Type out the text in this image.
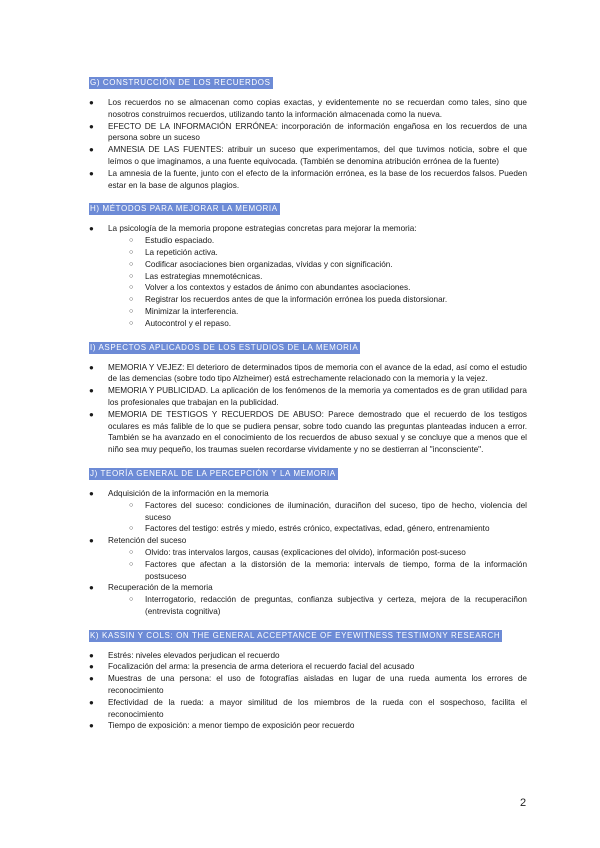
G) CONSTRUCCIÓN DE LOS RECUERDOS
● Los recuerdos no se almacenan como copias exactas, y evidentemente no se recuerdan como tales, sino que nosotros construimos recuerdos, utilizando tanto la información almacenada como la nueva.
● EFECTO DE LA INFORMACIÓN ERRÓNEA: incorporación de información engañosa en los recuerdos de una persona sobre un suceso
● AMNESIA DE LAS FUENTES: atribuir un suceso que experimentamos, del que tuvimos noticia, sobre el que leímos o que imaginamos, a una fuente equivocada. (También se denomina atribución errónea de la fuente)
● La amnesia de la fuente, junto con el efecto de la información errónea, es la base de los recuerdos falsos. Pueden estar en la base de algunos plagios.
H) MÉTODOS PARA MEJORAR LA MEMORIA
● La psicología de la memoria propone estrategias concretas para mejorar la memoria:
○ Estudio espaciado.
○ La repetición activa.
○ Codificar asociaciones bien organizadas, vívidas y con significación.
○ Las estrategias mnemotécnicas.
○ Volver a los contextos y estados de ánimo con abundantes asociaciones.
○ Registrar los recuerdos antes de que la información errónea los pueda distorsionar.
○ Minimizar la interferencia.
○ Autocontrol y el repaso.
I) ASPECTOS APLICADOS DE LOS ESTUDIOS DE LA MEMORIA
● MEMORIA Y VEJEZ: El deterioro de determinados tipos de memoria con el avance de la edad, así como el estudio de las demencias (sobre todo tipo Alzheimer) está estrechamente relacionado con la memoria y la vejez.
● MEMORIA Y PUBLICIDAD. La aplicación de los fenómenos de la memoria ya comentados es de gran utilidad para los profesionales que trabajan en la publicidad.
● MEMORIA DE TESTIGOS Y RECUERDOS DE ABUSO: Parece demostrado que el recuerdo de los testigos oculares es más falible de lo que se pudiera pensar, sobre todo cuando las preguntas planteadas inducen a error. También se ha avanzado en el conocimiento de los recuerdos de abuso sexual y se concluye que a menos que el niño sea muy pequeño, los traumas suelen recordarse vividamente y no se destierran al "inconsciente".
J) TEORÍA GENERAL DE LA PERCEPCIÓN Y LA MEMORIA
● Adquisición de la información en la memoria
○ Factores del suceso: condiciones de iluminación, duraciñon del suceso, tipo de hecho, violencia del suceso
○ Factores del testigo: estrés y miedo, estrés crónico, expectativas, edad, género, entrenamiento
● Retención del suceso
○ Olvido: tras intervalos largos, causas (explicaciones del olvido), información post-suceso
○ Factores que afectan a la distorsión de la memoria: intervals de tiempo, forma de la información postsuceso
● Recuperación de la memoria
○ Interrogatorio, redacción de preguntas, confianza subjectiva y certeza, mejora de la recuperaciñon (entrevista cognitiva)
K) KASSIN Y COLS: ON THE GENERAL ACCEPTANCE OF EYEWITNESS TESTIMONY RESEARCH
● Estrés: niveles elevados perjudican el recuerdo
● Focalización del arma: la presencia de arma deteriora el recuerdo facial del acusado
● Muestras de una persona: el uso de fotografías aisladas en lugar de una rueda aumenta los errores de reconocimiento
● Efectividad de la rueda: a mayor similitud de los miembros de la rueda con el sospechoso, facilita el reconocimiento
● Tiempo de exposición: a menor tiempo de exposición peor recuerdo
2
